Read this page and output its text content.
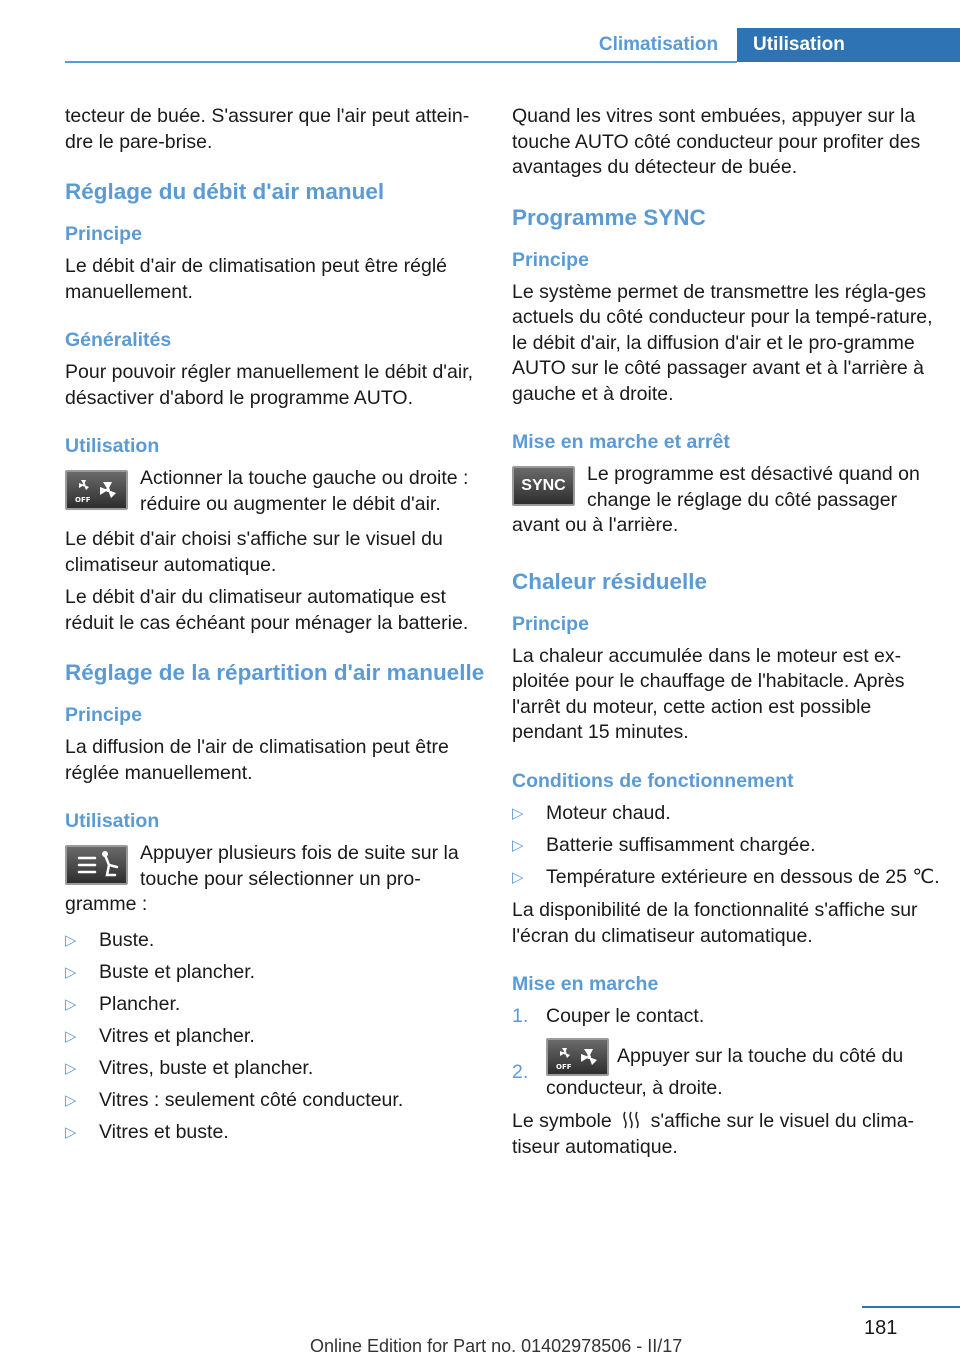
Climatisation	Utilisation

tecteur de buée. S'assurer que l'air peut attein‐dre le pare-brise.

Réglage du débit d'air manuel
Principe

Le débit d'air de climatisation peut être réglé manuellement.

Généralités

Pour pouvoir régler manuellement le débit d'air, désactiver d'abord le programme AUTO.

Utilisation
OFF

Actionner la touche gauche ou droite : réduire ou augmenter le débit d'air.

Le débit d'air choisi s'affiche sur le visuel du climatiseur automatique.

Le débit d'air du climatiseur automatique est réduit le cas échéant pour ménager la batterie.

Réglage de la répartition d'air manuelle
Principe

La diffusion de l'air de climatisation peut être réglée manuellement.

Utilisation

Appuyer plusieurs fois de suite sur la touche pour sélectionner un pro‐gramme :

▷	Buste.
▷	Buste et plancher.
▷	Plancher.
▷	Vitres et plancher.
▷	Vitres, buste et plancher.
▷	Vitres : seulement côté conducteur.
▷	Vitres et buste.

Quand les vitres sont embuées, appuyer sur la touche AUTO côté conducteur pour profiter des avantages du détecteur de buée.

Programme SYNC
Principe

Le système permet de transmettre les régla‐ges actuels du côté conducteur pour la tempé‐rature, le débit d'air, la diffusion d'air et le pro‐gramme AUTO sur le côté passager avant et à l'arrière à gauche et à droite.

Mise en marche et arrêt
SYNC

Le programme est désactivé quand on change le réglage du côté passager avant ou à l'arrière.

Chaleur résiduelle
Principe

La chaleur accumulée dans le moteur est ex‐ploitée pour le chauffage de l'habitacle. Après l'arrêt du moteur, cette action est possible pendant 15 minutes.

Conditions de fonctionnement
▷	Moteur chaud.
▷	Batterie suffisamment chargée.
▷	Température extérieure en dessous de 25 ℃.

La disponibilité de la fonctionnalité s'affiche sur l'écran du climatiseur automatique.

Mise en marche
1. Couper le contact.
2.	OFF Appuyer sur la touche du côté du conducteur, à droite.

Le symbole s'affiche sur le visuel du clima‐tiseur automatique.

181
Online Edition for Part no. 01402978506 - II/17
